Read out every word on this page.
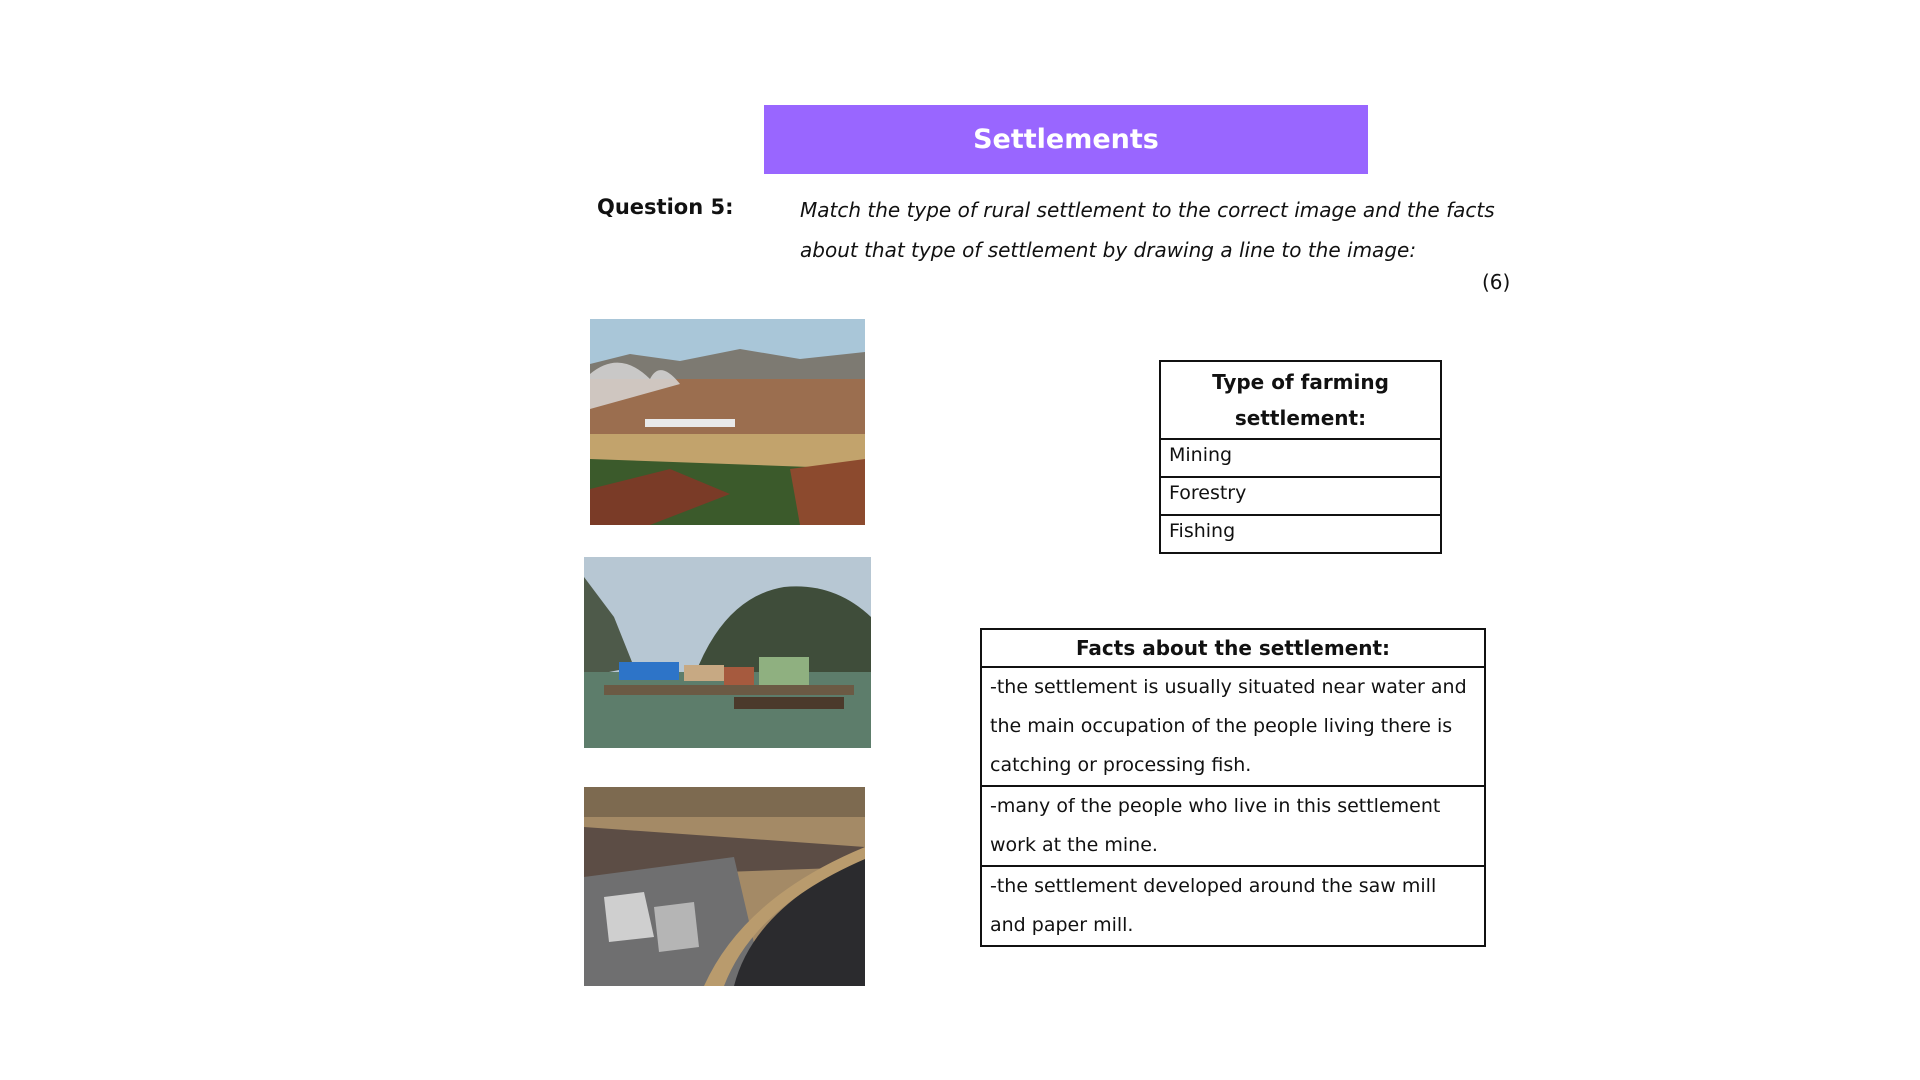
Settlements
Question 5:	Match the type of rural settlement to the correct image and the facts about that type of settlement by drawing a line to the image:
(6)
Type of farming settlement:
Mining
Forestry
Fishing
Facts about the settlement:
-the settlement is usually situated near water and the main occupation of the people living there is catching or processing fish.
-many of the people who live in this settlement work at the mine.
-the settlement developed around the saw mill and paper mill.
